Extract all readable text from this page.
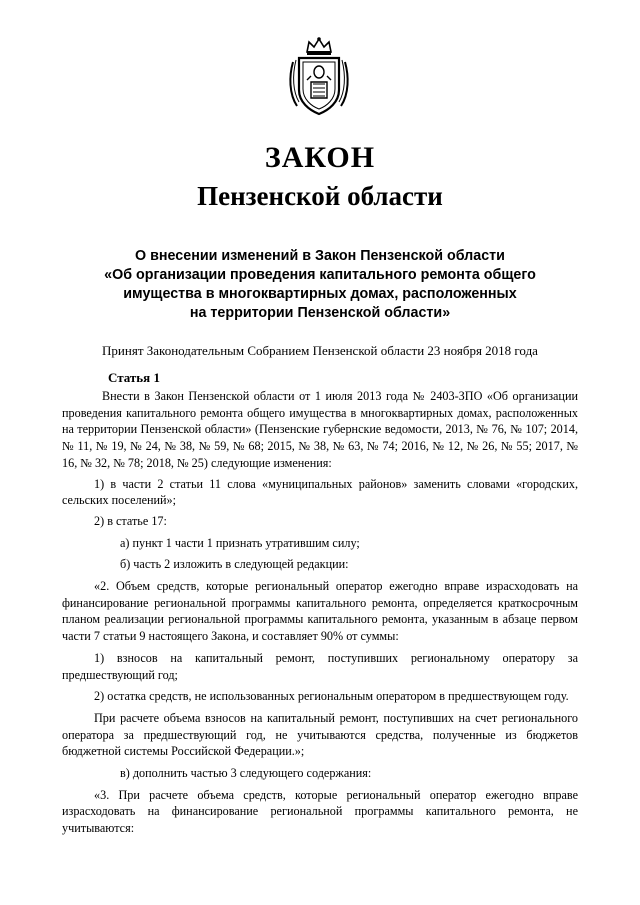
ЗАКОН
Пензенской области
О внесении изменений в Закон Пензенской области
«Об организации проведения капитального ремонта общего
имущества в многоквартирных домах, расположенных
на территории Пензенской области»

Принят Законодательным Собранием Пензенской области 23 ноября 2018 года

Статья 1

Внести в Закон Пензенской области от 1 июля 2013 года № 2403-ЗПО «Об организации проведения капитального ремонта общего имущества в многоквартирных домах, расположенных на территории Пензенской области» (Пензенские губернские ведомости, 2013, № 76, № 107; 2014, № 11, № 19, № 24, № 38, № 59, № 68; 2015, № 38, № 63, № 74; 2016, № 12, № 26, № 55; 2017, № 16, № 32, № 78; 2018, № 25) следующие изменения:

1) в части 2 статьи 11 слова «муниципальных районов» заменить словами «городских, сельских поселений»;

2) в статье 17:

а) пункт 1 части 1 признать утратившим силу;

б) часть 2 изложить в следующей редакции:

«2. Объем средств, которые региональный оператор ежегодно вправе израсходовать на финансирование региональной программы капитального ремонта, определяется краткосрочным планом реализации региональной программы капитального ремонта, указанным в абзаце первом части 7 статьи 9 настоящего Закона, и составляет 90% от суммы:

1) взносов на капитальный ремонт, поступивших региональному оператору за предшествующий год;

2) остатка средств, не использованных региональным оператором в предшествующем году.

При расчете объема взносов на капитальный ремонт, поступивших на счет регионального оператора за предшествующий год, не учитываются средства, полученные из бюджетов бюджетной системы Российской Федерации.»;

в) дополнить частью 3 следующего содержания:

«3. При расчете объема средств, которые региональный оператор ежегодно вправе израсходовать на финансирование региональной программы капитального ремонта, не учитываются:
